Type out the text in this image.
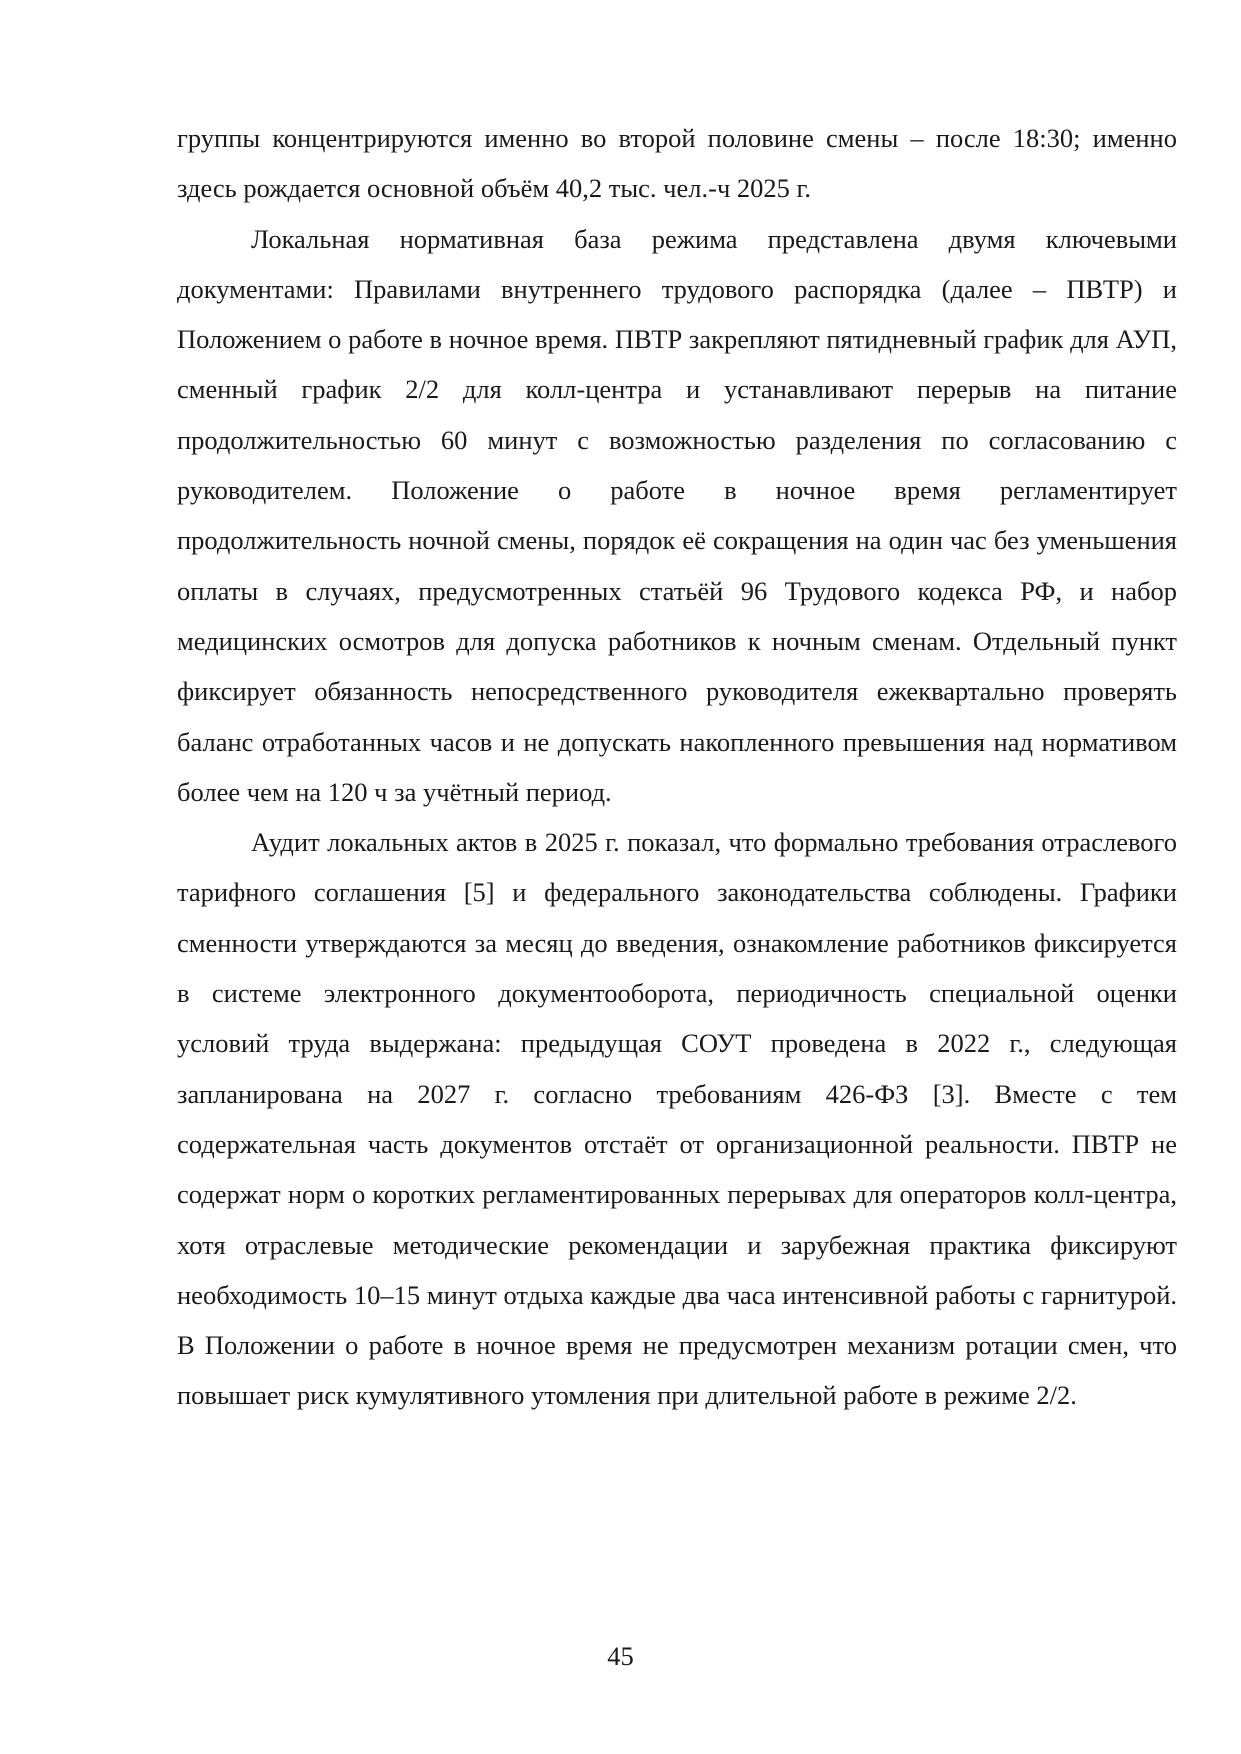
группы концентрируются именно во второй половине смены – после 18:30; именно здесь рождается основной объём 40,2 тыс. чел.-ч 2025 г.

Локальная нормативная база режима представлена двумя ключевыми документами: Правилами внутреннего трудового распорядка (далее – ПВТР) и Положением о работе в ночное время. ПВТР закрепляют пятидневный график для АУП, сменный график 2/2 для колл-центра и устанавливают перерыв на питание продолжительностью 60 минут с возможностью разделения по согласованию с руководителем. Положение о работе в ночное время регламентирует продолжительность ночной смены, порядок её сокращения на один час без уменьшения оплаты в случаях, предусмотренных статьёй 96 Трудового кодекса РФ, и набор медицинских осмотров для допуска работников к ночным сменам. Отдельный пункт фиксирует обязанность непосредственного руководителя ежеквартально проверять баланс отработанных часов и не допускать накопленного превышения над нормативом более чем на 120 ч за учётный период.

Аудит локальных актов в 2025 г. показал, что формально требования отраслевого тарифного соглашения [5] и федерального законодательства соблюдены. Графики сменности утверждаются за месяц до введения, ознакомление работников фиксируется в системе электронного документооборота, периодичность специальной оценки условий труда выдержана: предыдущая СОУТ проведена в 2022 г., следующая запланирована на 2027 г. согласно требованиям 426-ФЗ [3]. Вместе с тем содержательная часть документов отстаёт от организационной реальности. ПВТР не содержат норм о коротких регламентированных перерывах для операторов колл-центра, хотя отраслевые методические рекомендации и зарубежная практика фиксируют необходимость 10–15 минут отдыха каждые два часа интенсивной работы с гарнитурой. В Положении о работе в ночное время не предусмотрен механизм ротации смен, что повышает риск кумулятивного утомления при длительной работе в режиме 2/2.

45
